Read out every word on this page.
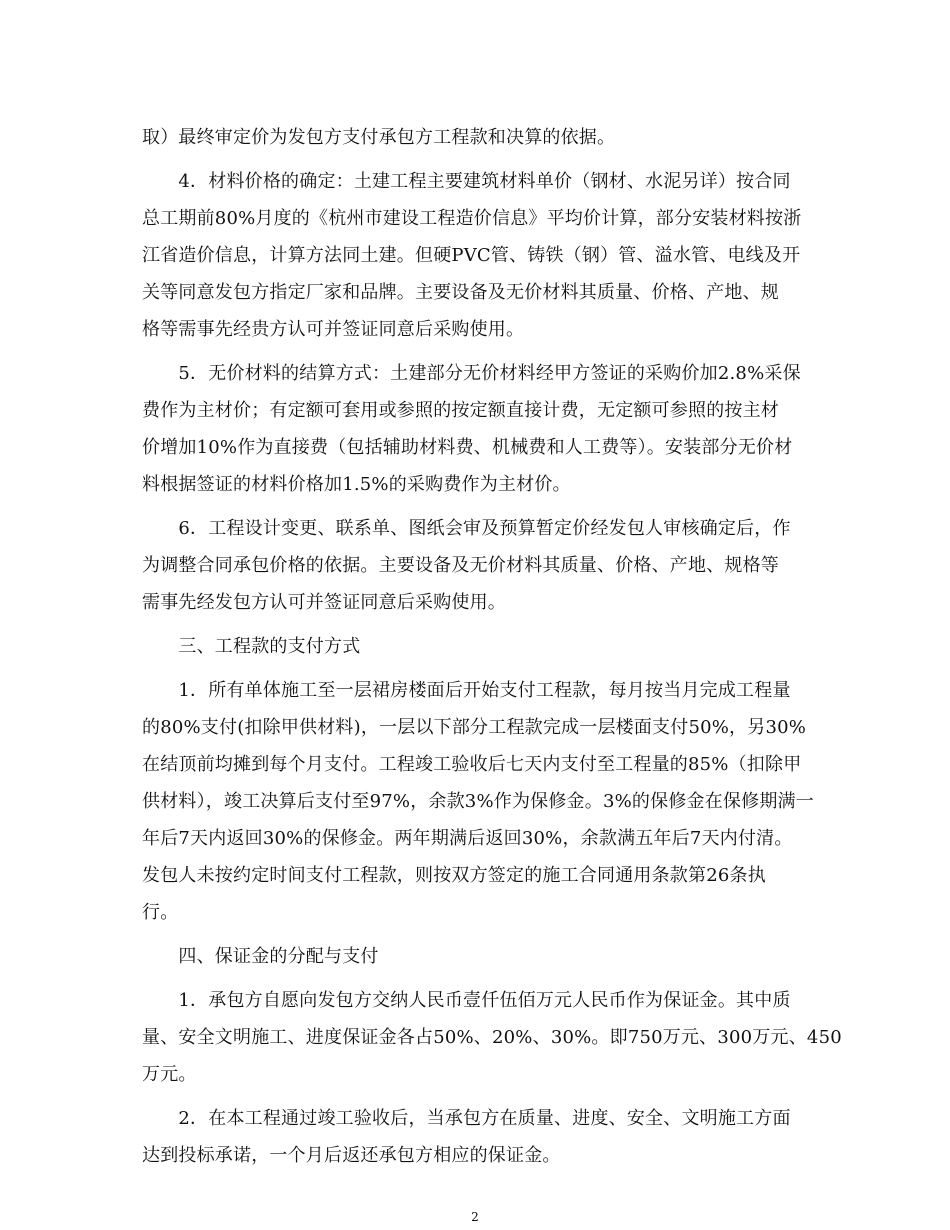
取）最终审定价为发包方支付承包方工程款和决算的依据。
　　4．材料价格的确定：土建工程主要建筑材料单价（钢材、水泥另详）按合同
总工期前80%月度的《杭州市建设工程造价信息》平均价计算，部分安装材料按浙
江省造价信息，计算方法同土建。但硬PVC管、铸铁（钢）管、溢水管、电线及开
关等同意发包方指定厂家和品牌。主要设备及无价材料其质量、价格、产地、规
格等需事先经贵方认可并签证同意后采购使用。
　　5．无价材料的结算方式：土建部分无价材料经甲方签证的采购价加2.8%采保
费作为主材价；有定额可套用或参照的按定额直接计费，无定额可参照的按主材
价增加10%作为直接费（包括辅助材料费、机械费和人工费等）。安装部分无价材
料根据签证的材料价格加1.5%的采购费作为主材价。
　　6．工程设计变更、联系单、图纸会审及预算暂定价经发包人审核确定后，作
为调整合同承包价格的依据。主要设备及无价材料其质量、价格、产地、规格等
需事先经发包方认可并签证同意后采购使用。
　　三、工程款的支付方式
　　1．所有单体施工至一层裙房楼面后开始支付工程款，每月按当月完成工程量
的80%支付(扣除甲供材料)，一层以下部分工程款完成一层楼面支付50%，另30%
在结顶前均摊到每个月支付。工程竣工验收后七天内支付至工程量的85%（扣除甲
供材料），竣工决算后支付至97%，余款3%作为保修金。3%的保修金在保修期满一
年后7天内返回30%的保修金。两年期满后返回30%，余款满五年后7天内付清。
发包人未按约定时间支付工程款，则按双方签定的施工合同通用条款第26条执
行。
　　四、保证金的分配与支付
　　1．承包方自愿向发包方交纳人民币壹仟伍佰万元人民币作为保证金。其中质
量、安全文明施工、进度保证金各占50%、20%、30%。即750万元、300万元、450
万元。
　　2．在本工程通过竣工验收后，当承包方在质量、进度、安全、文明施工方面
达到投标承诺，一个月后返还承包方相应的保证金。
2
